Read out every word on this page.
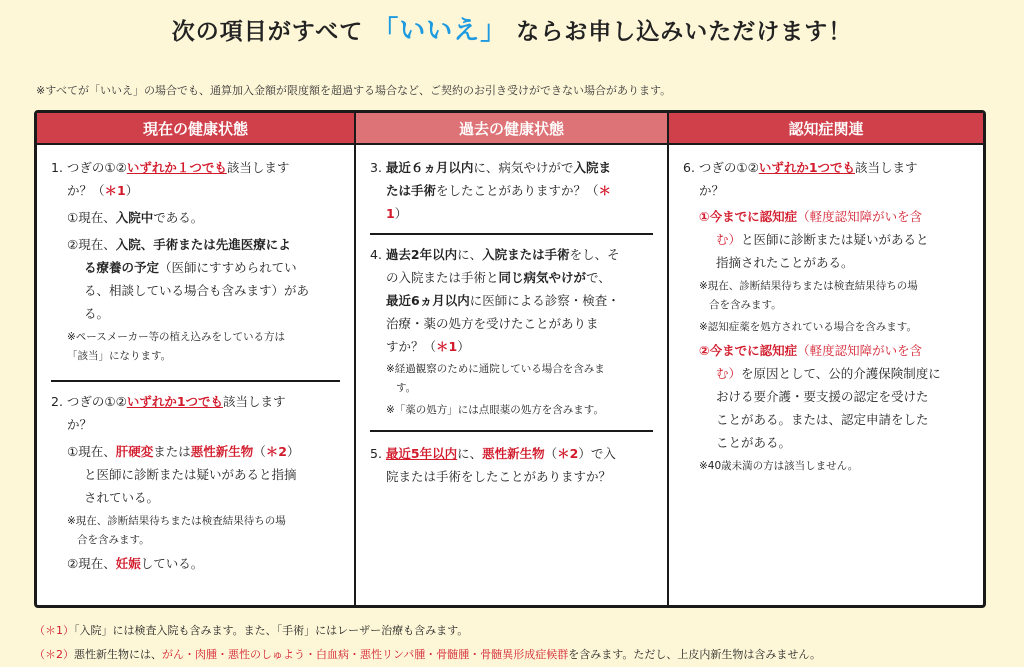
次の項目がすべて 「いいえ」 ならお申し込みいただけます！
※すべてが「いいえ」の場合でも、通算加入金額が限度額を超過する場合など、ご契約のお引き受けができない場合があります。
現在の健康状態
1. つぎの①②いずれか１つでも該当します
か？（＊1）
①現在、入院中である。
②現在、入院、手術または先進医療によ
る療養の予定（医師にすすめられてい
る、相談している場合も含みます）があ
る。
※ペースメーカー等の植え込みをしている方は
「該当」になります。
2. つぎの①②いずれか1つでも該当します
か？
①現在、肝硬変または悪性新生物（＊2）
と医師に診断または疑いがあると指摘
されている。
※現在、診断結果待ちまたは検査結果待ちの場
合を含みます。
②現在、妊娠している。
過去の健康状態
3. 最近６ヵ月以内に、病気やけがで入院ま
たは手術をしたことがありますか？（＊
1）
4. 過去2年以内に、入院または手術をし、そ
の入院または手術と同じ病気やけがで、
最近6ヵ月以内に医師による診察・検査・
治療・薬の処方を受けたことがありま
すか？（＊1）
※経過観察のために通院している場合を含みま
す。
※「薬の処方」には点眼薬の処方を含みます。
5. 最近5年以内に、悪性新生物（＊2）で入
院または手術をしたことがありますか？
認知症関連
6. つぎの①②いずれか1つでも該当します
か？
①今までに認知症（軽度認知障がいを含
む）と医師に診断または疑いがあると
指摘されたことがある。
※現在、診断結果待ちまたは検査結果待ちの場
合を含みます。
※認知症薬を処方されている場合を含みます。
②今までに認知症（軽度認知障がいを含
む）を原因として、公的介護保険制度に
おける要介護・要支援の認定を受けた
ことがある。または、認定申請をした
ことがある。
※40歳未満の方は該当しません。
（＊1）「入院」には検査入院も含みます。また、「手術」にはレーザー治療も含みます。
（＊2）悪性新生物には、がん・肉腫・悪性のしゅよう・白血病・悪性リンパ腫・骨髄腫・骨髄異形成症候群を含みます。ただし、上皮内新生物は含みません。
